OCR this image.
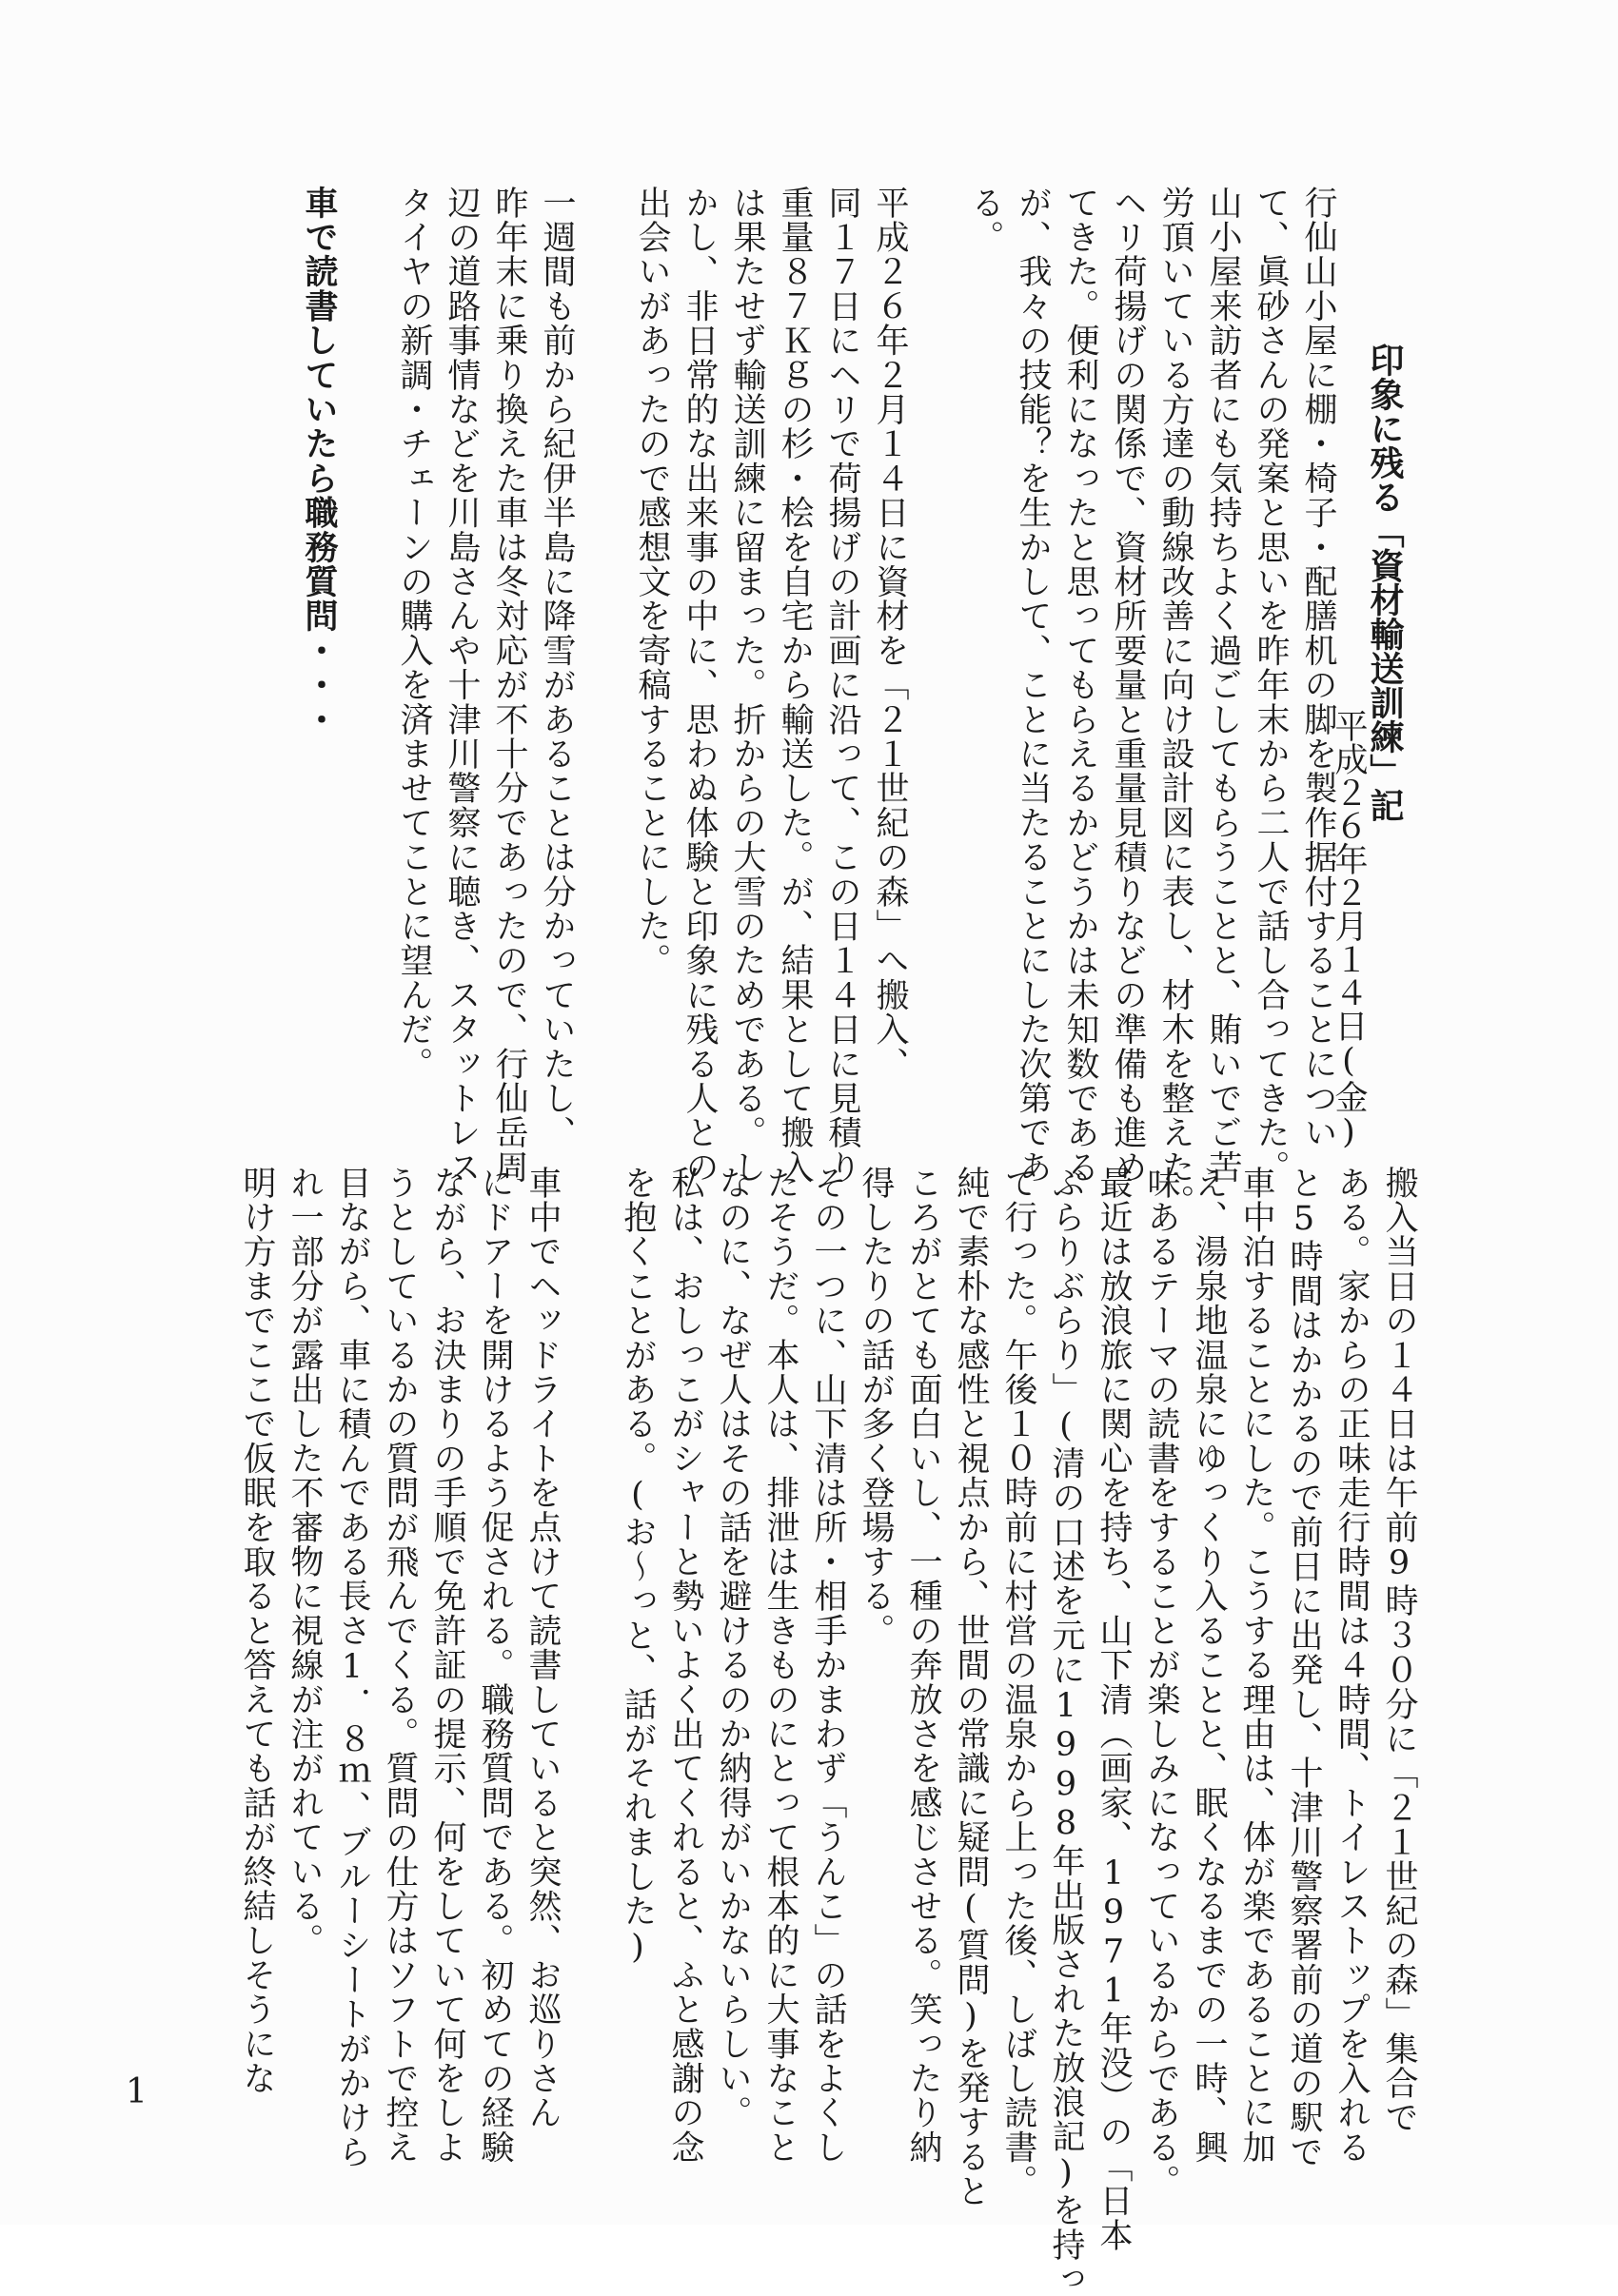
印象に残る「資材輸送訓練」記
平成２６年２月１４日(金)

行仙山小屋に棚・椅子・配膳机の脚を製作据付することについ
て、眞砂さんの発案と思いを昨年末から二人で話し合ってきた。
山小屋来訪者にも気持ちよく過ごしてもらうことと、賄いでご苦
労頂いている方達の動線改善に向け設計図に表し、材木を整えた。
ヘリ荷揚げの関係で、資材所要量と重量見積りなどの準備も進め
てきた。便利になったと思ってもらえるかどうかは未知数である
が、我々の技能？を生かして、ことに当たることにした次第であ
る。

平成２６年２月１４日に資材を「２１世紀の森」へ搬入、
同１７日にヘリで荷揚げの計画に沿って、この日１４日に見積り
重量８７Ｋｇの杉・桧を自宅から輸送した。が、結果として搬入
は果たせず輸送訓練に留まった。折からの大雪のためである。し
かし、非日常的な出来事の中に、思わぬ体験と印象に残る人との
出会いがあったので感想文を寄稿することにした。

一週間も前から紀伊半島に降雪があることは分かっていたし、
昨年末に乗り換えた車は冬対応が不十分であったので、行仙岳周
辺の道路事情などを川島さんや十津川警察に聴き、スタットレス
タイヤの新調・チェーンの購入を済ませてことに望んだ。

車で読書していたら職務質問・・・
搬入当日の１４日は午前9時３０分に「２１世紀の森」集合で
ある。家からの正味走行時間は４時間、トイレストップを入れる
と5時間はかかるので前日に出発し、十津川警察署前の道の駅で
車中泊することにした。こうする理由は、体が楽であることに加
え、湯泉地温泉にゆっくり入ることと、眠くなるまでの一時、興
味あるテーマの読書をすることが楽しみになっているからである。
最近は放浪旅に関心を持ち、山下清（画家、1971年没）の「日本
ぶらりぶらり」(清の口述を元に1998年出版された放浪記)を持っ
て行った。午後１０時前に村営の温泉から上った後、しばし読書。
純で素朴な感性と視点から、世間の常識に疑問(質問)を発すると
ころがとても面白いし、一種の奔放さを感じさせる。笑ったり納
得したりの話が多く登場する。
その一つに、山下清は所・相手かまわず「うんこ」の話をよくし
たそうだ。本人は、排泄は生きものにとって根本的に大事なこと
なのに、なぜ人はその話を避けるのか納得がいかないらしい。
私は、おしっこがシャーと勢いよく出てくれると、ふと感謝の念
を抱くことがある。(お～っと、話がそれました)

車中でヘッドライトを点けて読書していると突然、お巡りさん
にドアーを開けるよう促される。職務質問である。初めての経験
ながら、お決まりの手順で免許証の提示、何をしていて何をしよ
うとしているかの質問が飛んでくる。質問の仕方はソフトで控え
目ながら、車に積んである長さ1．８ｍ、ブルーシートがかけら
れ一部分が露出した不審物に視線が注がれている。
明け方までここで仮眠を取ると答えても話が終結しそうにな
1
